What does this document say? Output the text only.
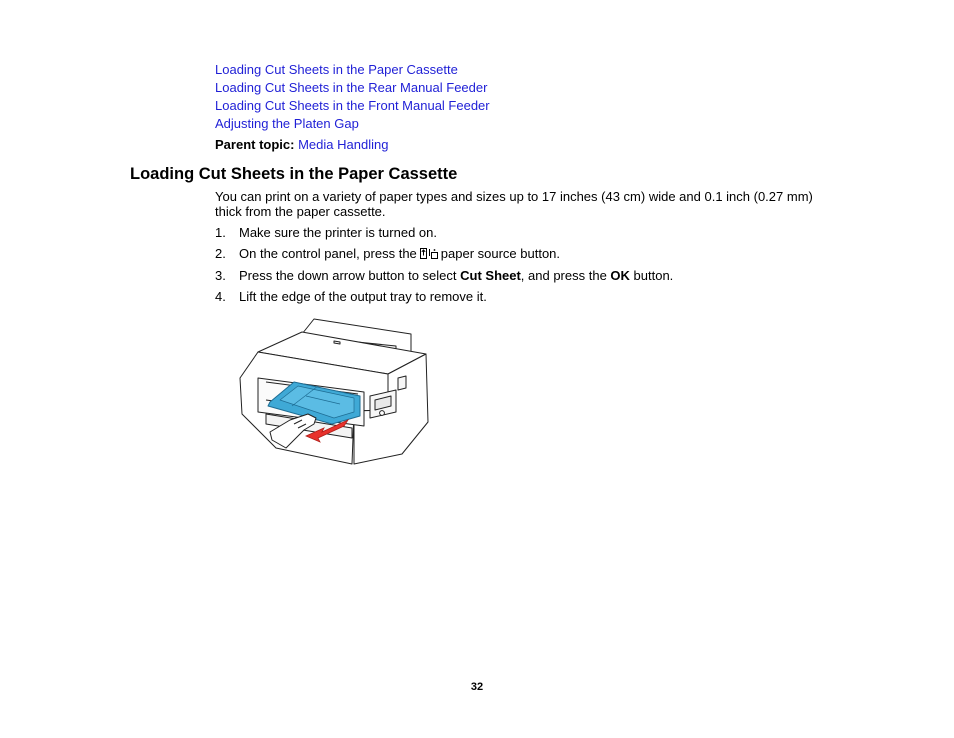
Loading Cut Sheets in the Paper Cassette
Loading Cut Sheets in the Rear Manual Feeder
Loading Cut Sheets in the Front Manual Feeder
Adjusting the Platen Gap
Parent topic: Media Handling
Loading Cut Sheets in the Paper Cassette
You can print on a variety of paper types and sizes up to 17 inches (43 cm) wide and 0.1 inch (0.27 mm) thick from the paper cassette.
1. Make sure the printer is turned on.
2. On the control panel, press the paper source button.
3. Press the down arrow button to select Cut Sheet, and press the OK button.
4. Lift the edge of the output tray to remove it.
32
